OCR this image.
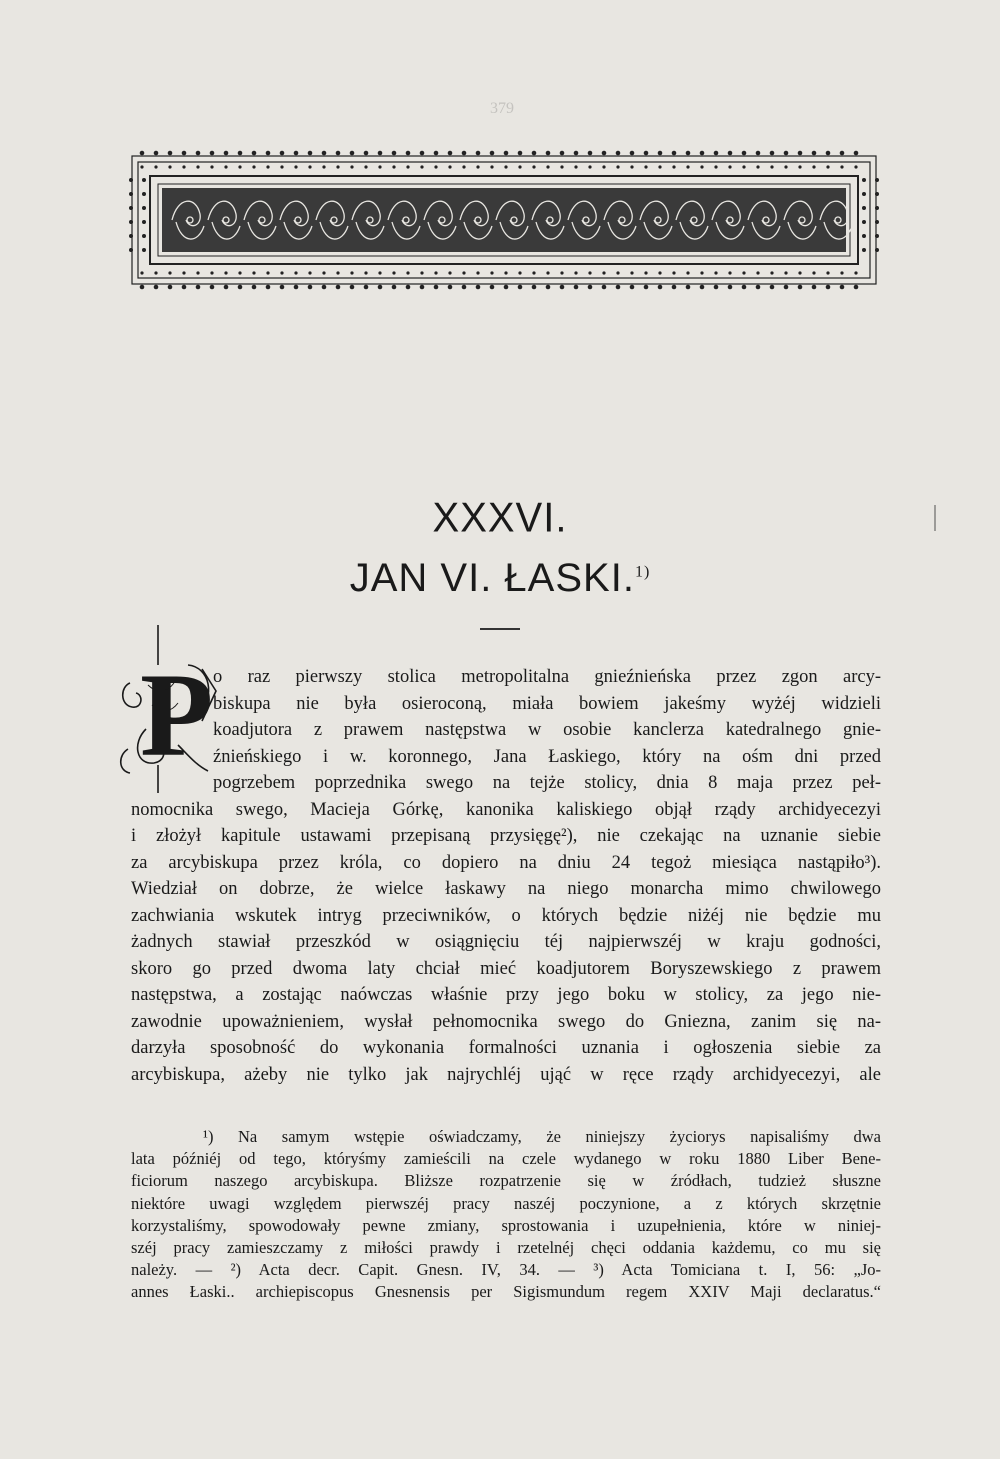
379
XXXVI.
JAN VI. ŁASKI.$^{1)}$
P o raz pierwszy stolica metropolitalna gnieźnieńska przez zgon arcy-
biskupa nie była osieroconą, miała bowiem jakeśmy wyżéj widzieli
koadjutora z prawem następstwa w osobie kanclerza katedralnego gnie-
źnieńskiego i w. koronnego, Jana Łaskiego, który na ośm dni przed
pogrzebem poprzednika swego na tejże stolicy, dnia 8 maja przez peł-
nomocnika swego, Macieja Górkę, kanonika kaliskiego objął rządy archidyecezyi
i złożył kapitule ustawami przepisaną przysięgę²), nie czekając na uznanie siebie
za arcybiskupa przez króla, co dopiero na dniu 24 tegoż miesiąca nastąpiło³).
Wiedział on dobrze, że wielce łaskawy na niego monarcha mimo chwilowego
zachwiania wskutek intryg przeciwników, o których będzie niżéj nie będzie mu
żadnych stawiał przeszkód w osiągnięciu téj najpierwszéj w kraju godności,
skoro go przed dwoma laty chciał mieć koadjutorem Boryszewskiego z prawem
następstwa, a zostając naówczas właśnie przy jego boku w stolicy, za jego nie-
zawodnie upoważnieniem, wysłał pełnomocnika swego do Gniezna, zanim się na-
darzyła sposobność do wykonania formalności uznania i ogłoszenia siebie za
arcybiskupa, ażeby nie tylko jak najrychléj ująć w ręce rządy archidyecezyi, ale
¹) Na samym wstępie oświadczamy, że niniejszy życiorys napisaliśmy dwa
lata późniéj od tego, któryśmy zamieścili na czele wydanego w roku 1880 Liber Bene-
ficiorum naszego arcybiskupa. Bliższe rozpatrzenie się w źródłach, tudzież słuszne
niektóre uwagi względem pierwszéj pracy naszéj poczynione, a z których skrzętnie
korzystaliśmy, spowodowały pewne zmiany, sprostowania i uzupełnienia, które w niniej-
széj pracy zamieszczamy z miłości prawdy i rzetelnéj chęci oddania każdemu, co mu się
należy. — ²) Acta decr. Capit. Gnesn. IV, 34. — ³) Acta Tomiciana t. I, 56: „Jo-
annes Łaski.. archiepiscopus Gnesnensis per Sigismundum regem XXIV Maji declaratus.“
